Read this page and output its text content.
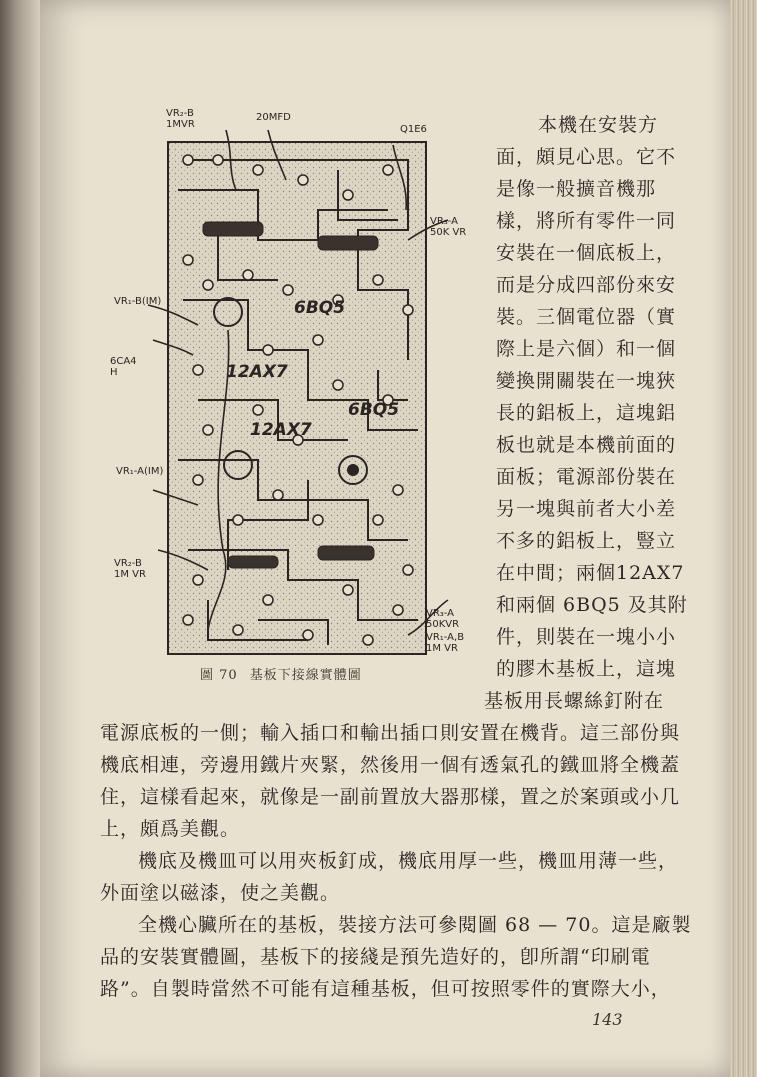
VR₂-B
1MVR
20MFD
Q1E6
VR₃-A
50K VR
VR₁-B(IM)
6CA4
H
VR₁-A(IM)
VR₂-B
1M VR
VR₃-A
50KVR
VR₁-A,B
1M VR
6BQ5
12AX7
12AX7
6BQ5
圖 70 基板下接線實體圖
本機在安裝方
面，頗見心思。它不
是像一般擴音機那
樣，將所有零件一同
安裝在一個底板上，
而是分成四部份來安
裝。三個電位器（實
際上是六個）和一個
變換開關裝在一塊狹
長的鋁板上，這塊鋁
板也就是本機前面的
面板；電源部份裝在
另一塊與前者大小差
不多的鋁板上，豎立
在中間；兩個12AX7
和兩個 6BQ5 及其附
件，則裝在一塊小小
的膠木基板上，這塊
基板用長螺絲釘附在
電源底板的一側；輸入插口和輸出插口則安置在機背。這三部份與
機底相連，旁邊用鐵片夾緊，然後用一個有透氣孔的鐵皿將全機蓋
住，這樣看起來，就像是一副前置放大器那樣，置之於案頭或小几
上，頗爲美觀。
機底及機皿可以用夾板釘成，機底用厚一些，機皿用薄一些，
外面塗以磁漆，使之美觀。
全機心臟所在的基板，裝接方法可參閱圖 68 — 70。這是廠製
品的安裝實體圖，基板下的接綫是預先造好的，卽所謂“印刷電
路”。自製時當然不可能有這種基板，但可按照零件的實際大小，
143
